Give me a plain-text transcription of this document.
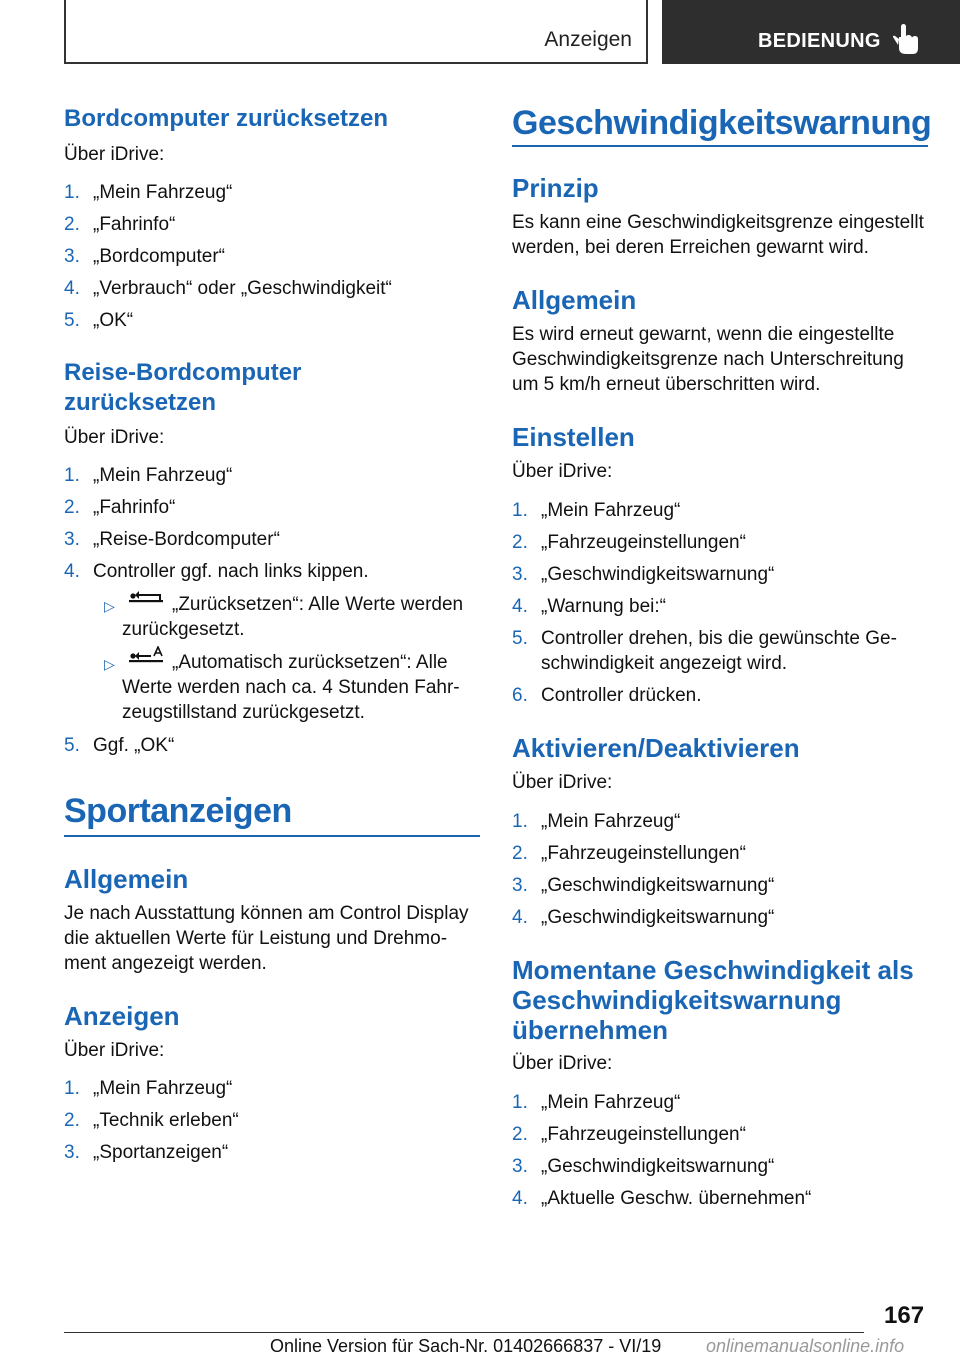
Anzeigen	BEDIENUNG
Bordcomputer zurücksetzen
Über iDrive:
1. „Mein Fahrzeug“
2. „Fahrinfo“
3. „Bordcomputer“
4. „Verbrauch“ oder „Geschwindigkeit“
5. „OK“
Reise-Bordcomputer
zurücksetzen
Über iDrive:
1. „Mein Fahrzeug“
2. „Fahrinfo“
3. „Reise-Bordcomputer“
4. Controller ggf. nach links kippen.
▷	„Zurücksetzen“: Alle Werte werden
zurückgesetzt.
▷	„Automatisch zurücksetzen“: Alle
Werte werden nach ca. 4 Stunden Fahr-
zeugstillstand zurückgesetzt.
5. Ggf. „OK“
Sportanzeigen
Allgemein
Je nach Ausstattung können am Control Display
die aktuellen Werte für Leistung und Drehmo-
ment angezeigt werden.
Anzeigen
Über iDrive:
1. „Mein Fahrzeug“
2. „Technik erleben“
3. „Sportanzeigen“
Geschwindigkeitswarnung
Prinzip
Es kann eine Geschwindigkeitsgrenze eingestellt
werden, bei deren Erreichen gewarnt wird.
Allgemein
Es wird erneut gewarnt, wenn die eingestellte
Geschwindigkeitsgrenze nach Unterschreitung
um 5 km/h erneut überschritten wird.
Einstellen
Über iDrive:
1. „Mein Fahrzeug“
2. „Fahrzeugeinstellungen“
3. „Geschwindigkeitswarnung“
4. „Warnung bei:“
5. Controller drehen, bis die gewünschte Ge-
schwindigkeit angezeigt wird.
6. Controller drücken.
Aktivieren/Deaktivieren
Über iDrive:
1. „Mein Fahrzeug“
2. „Fahrzeugeinstellungen“
3. „Geschwindigkeitswarnung“
4. „Geschwindigkeitswarnung“
Momentane Geschwindigkeit als
Geschwindigkeitswarnung
übernehmen
Über iDrive:
1. „Mein Fahrzeug“
2. „Fahrzeugeinstellungen“
3. „Geschwindigkeitswarnung“
4. „Aktuelle Geschw. übernehmen“
167
Online Version für Sach-Nr. 01402666837 - VI/19 onlinemanualsonline.info
